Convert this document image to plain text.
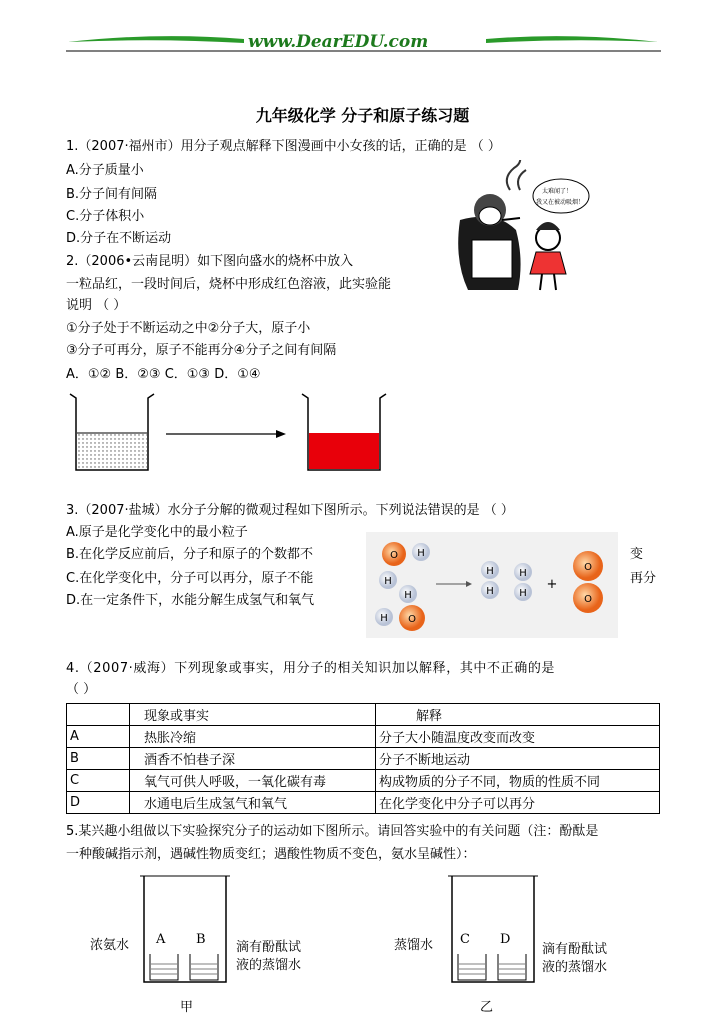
www.DearEDU.com
九年级化学 分子和原子练习题
1.（2007·福州市）用分子观点解释下图漫画中小女孩的话，正确的是 （ ）
A.分子质量小
B.分子间有间隔
C.分子体积小
D.分子在不断运动
太难闻了！
我又在被动吸烟！
2.（2006•云南昆明）如下图向盛水的烧杯中放入
一粒品红，一段时间后，烧杯中形成红色溶液，此实验能
说明 （ ）
①分子处于不断运动之中②分子大，原子小
③分子可再分，原子不能再分④分子之间有间隔
A．①② B．②③ C．①③ D．①④
3.（2007·盐城）水分子分解的微观过程如下图所示。下列说法错误的是 （ ）
A.原子是化学变化中的最小粒子
B.在化学反应前后，分子和原子的个数都不	变
C.在化学变化中，分子可以再分，原子不能	再分
D.在一定条件下，水能分解生成氢气和氧气
O H
H
H
H O
H
H
H
H
+
O
O
4.（2007·威海）下列现象或事实，用分子的相关知识加以解释，其中不正确的是
（ ）
	现象或事实	解释
A	热胀冷缩	分子大小随温度改变而改变
B	酒香不怕巷子深	分子不断地运动
C	氧气可供人呼吸，一氧化碳有毒	构成物质的分子不同，物质的性质不同
D	水通电后生成氢气和氧气	在化学变化中分子可以再分
5.某兴趣小组做以下实验探究分子的运动如下图所示。请回答实验中的有关问题（注：酚酞是
一种酸碱指示剂，遇碱性物质变红；遇酸性物质不变色，氨水呈碱性）：
浓氨水 A B
滴有酚酞试
液的蒸馏水
甲
蒸馏水 C D
滴有酚酞试
液的蒸馏水
乙
